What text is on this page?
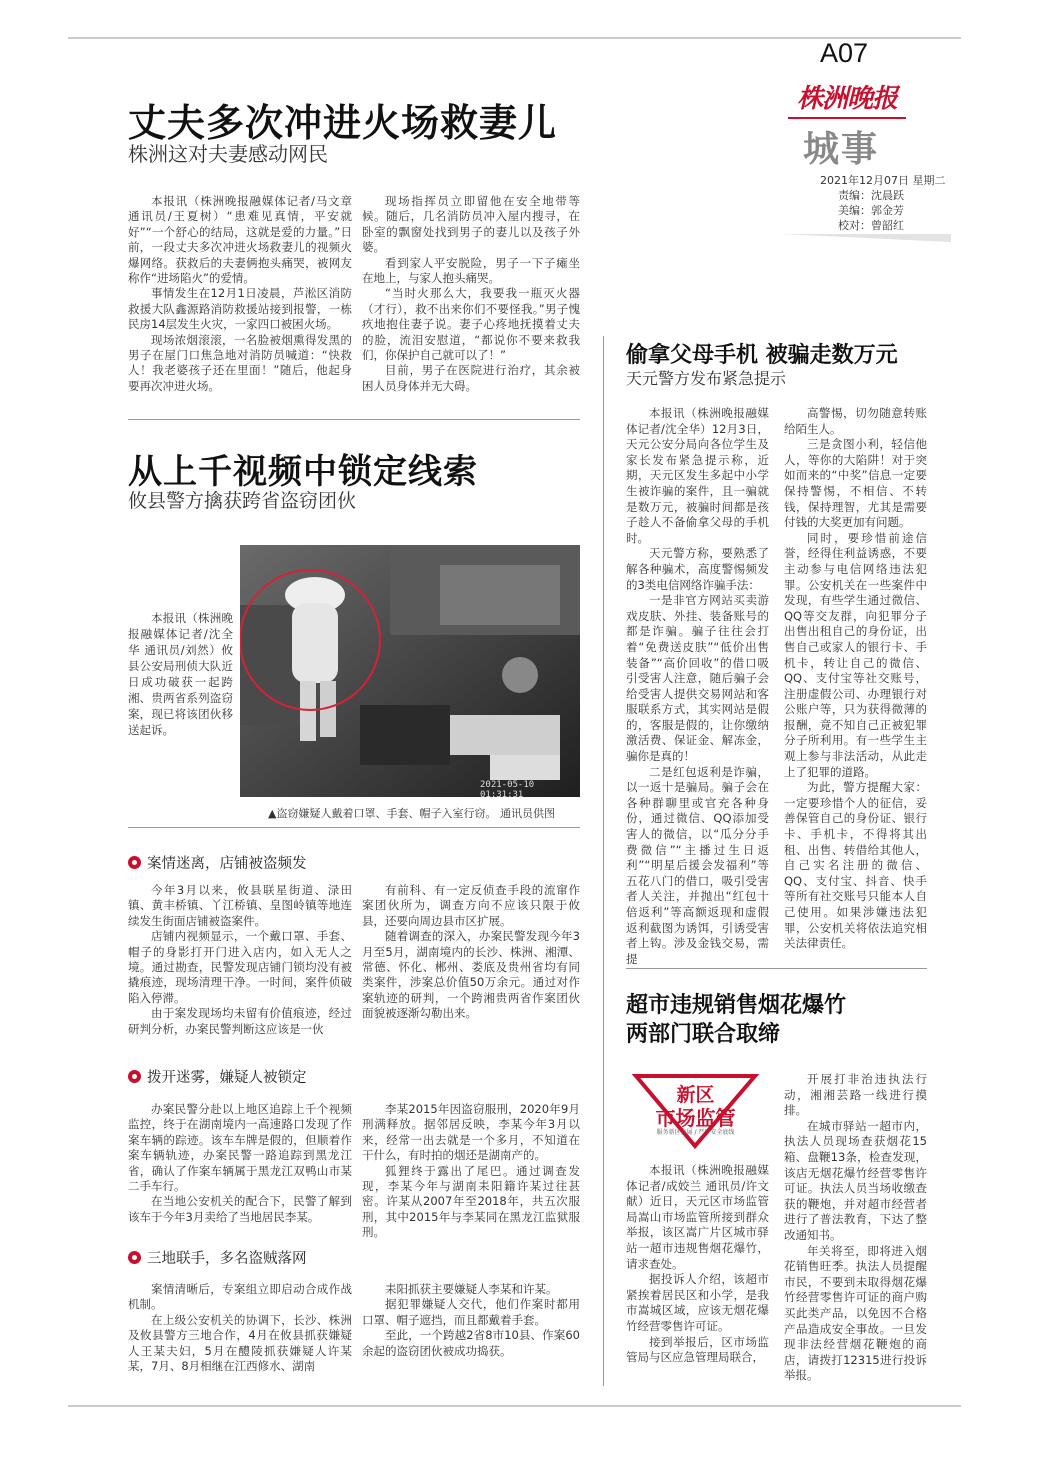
A07
株洲晚报
城事
2021年12月07日 星期二
责编：沈晨跃
美编：郭金芳
校对：曾韶红
丈夫多次冲进火场救妻儿
株洲这对夫妻感动网民

本报讯（株洲晚报融媒体记者/马文章 通讯员/王夏树）“患难见真情，平安就好”“一个舒心的结局，这就是爱的力量。”日前，一段丈夫多次冲进火场救妻儿的视频火爆网络。获救后的夫妻俩抱头痛哭，被网友称作“进场陷火”的爱情。

事情发生在12月1日凌晨，芦淞区消防救援大队鑫源路消防救援站接到报警，一栋民房14层发生火灾，一家四口被困火场。

现场浓烟滚滚，一名脸被烟熏得发黑的男子在屋门口焦急地对消防员喊道：“快救人！我老婆孩子还在里面！”随后，他起身要再次冲进火场。

现场指挥员立即留他在安全地带等候。随后，几名消防员冲入屋内搜寻，在卧室的飘窗处找到男子的妻儿以及孩子外婆。

看到家人平安脱险，男子一下子瘫坐在地上，与家人抱头痛哭。

“当时火那么大，我要我一瓶灭火器（才行），救不出来你们不要怪我。”男子愧疚地抱住妻子说。妻子心疼地抚摸着丈夫的脸，流泪安慰道，“都说你不要来救我们，你保护自己就可以了！”

目前，男子在医院进行治疗，其余被困人员身体并无大碍。

从上千视频中锁定线索
攸县警方擒获跨省盗窃团伙

本报讯（株洲晚报融媒体记者/沈全华 通讯员/刘然）攸县公安局刑侦大队近日成功破获一起跨湘、贵两省系列盗窃案，现已将该团伙移送起诉。

2021-05-10 01:31:31
▲盗窃嫌疑人戴着口罩、手套、帽子入室行窃。 通讯员供图
案情迷离，店铺被盗频发

今年3月以来，攸县联星街道、渌田镇、黄丰桥镇、丫江桥镇、皇图岭镇等地连续发生街面店铺被盗案件。

店铺内视频显示，一个戴口罩、手套、帽子的身影打开门进入店内，如入无人之境。通过勘查，民警发现店铺门锁均没有被撬痕迹，现场清理干净。一时间，案件侦破陷入停滞。

由于案发现场均未留有价值痕迹，经过研判分析，办案民警判断这应该是一伙

有前科、有一定反侦查手段的流窜作案团伙所为，调查方向不应该只限于攸县，还要向周边县市区扩展。

随着调查的深入，办案民警发现今年3月至5月，湖南境内的长沙、株洲、湘潭、常德、怀化、郴州、娄底及贵州省均有同类案件，涉案总价值50万余元。通过对作案轨迹的研判，一个跨湘贵两省作案团伙面貌被逐渐勾勒出来。

拨开迷雾，嫌疑人被锁定

办案民警分赴以上地区追踪上千个视频监控，终于在湖南境内一高速路口发现了作案车辆的踪迹。该车车牌是假的，但顺着作案车辆轨迹，办案民警一路追踪到黑龙江省，确认了作案车辆属于黑龙江双鸭山市某二手车行。

在当地公安机关的配合下，民警了解到该车于今年3月卖给了当地居民李某。

李某2015年因盗窃服刑，2020年9月刑满释放。据邻居反映，李某今年3月以来，经常一出去就是一个多月，不知道在干什么，有时拍的烟还是湖南产的。

狐狸终于露出了尾巴。通过调查发现，李某今年与湖南耒阳籍许某过往甚密。许某从2007年至2018年，共五次服刑，其中2015年与李某同在黑龙江监狱服刑。

三地联手，多名盗贼落网

案情清晰后，专案组立即启动合成作战机制。

在上级公安机关的协调下，长沙、株洲及攸县警方三地合作，4月在攸县抓获嫌疑人王某夫妇，5月在醴陵抓获嫌疑人许某某，7月、8月相继在江西修水、湖南

耒阳抓获主要嫌疑人李某和许某。

据犯罪嫌疑人交代，他们作案时都用口罩、帽子遮挡，而且都戴着手套。

至此，一个跨越2省8市10县、作案60余起的盗窃团伙被成功捣获。

偷拿父母手机 被骗走数万元
天元警方发布紧急提示

本报讯（株洲晚报融媒体记者/沈全华）12月3日，天元公安分局向各位学生及家长发布紧急提示称，近期，天元区发生多起中小学生被诈骗的案件，且一骗就是数万元，被骗时间都是孩子趁人不备偷拿父母的手机时。

天元警方称，要熟悉了解各种骗术，高度警惕频发的3类电信网络诈骗手法：

一是非官方网站买卖游戏皮肤、外挂、装备账号的都是诈骗。骗子往往会打着“免费送皮肤”“低价出售装备”“高价回收”的借口吸引受害人注意，随后骗子会给受害人提供交易网站和客服联系方式，其实网站是假的，客服是假的，让你缴纳激活费、保证金、解冻金，骗你是真的！

二是红包返利是诈骗，以一返十是骗局。骗子会在各种群聊里或官充各种身份，通过微信、QQ添加受害人的微信，以“瓜分分手费微信”“主播过生日返利”“明星后援会发福利”等五花八门的借口，吸引受害者人关注，并抛出“红包十倍返利”等高额返现和虚假返利截图为诱饵，引诱受害者上钩。涉及金钱交易，需提

高警惕，切勿随意转账给陌生人。

三是贪图小利，轻信他人，等你的大陷阱！对于突如而来的“中奖”信息一定要保持警惕，不相信、不转钱，保持理智，尤其是需要付钱的大奖更加有问题。

同时，要珍惜前途信誉，经得住利益诱惑，不要主动参与电信网络违法犯罪。公安机关在一些案件中发现，有些学生通过微信、QQ等交友群，向犯罪分子出售出租自己的身份证，出售自己或家人的银行卡、手机卡，转让自己的微信、QQ、支付宝等社交账号，注册虚假公司、办理银行对公账户等，只为获得微薄的报酬，竟不知自己正被犯罪分子所利用。有一些学生主观上参与非法活动，从此走上了犯罪的道路。

为此，警方提醒大家：一定要珍惜个人的征信，妥善保管自己的身份证、银行卡、手机卡，不得将其出租、出售、转借给其他人，自己实名注册的微信、QQ、支付宝、抖音、快手等所有社交账号只能本人自己使用。如果涉嫌违法犯罪，公安机关将依法追究相关法律责任。

超市违规销售烟花爆竹
两部门联合取缔
新区
市场监管
服务新区发展 / 严守安全底线

本报讯（株洲晚报融媒体记者/成姣兰 通讯员/许文献）近日，天元区市场监管局嵩山市场监管所接到群众举报，该区嵩广片区城市驿站一超市违规售烟花爆竹，请求查处。

据投诉人介绍，该超市紧挨着居民区和小学，是我市嵩城区域，应该无烟花爆竹经营零售许可证。

接到举报后，区市场监管局与区应急管理局联合，

开展打非治违执法行动，湘湘芸路一线进行摸排。

在城市驿站一超市内，执法人员现场查获烟花15箱、盘鞭13条，检查发现，该店无烟花爆竹经营零售许可证。执法人员当场收缴查获的鞭炮，并对超市经营者进行了普法教育，下达了整改通知书。

年关将至，即将进入烟花销售旺季。执法人员提醒市民，不要到未取得烟花爆竹经营零售许可证的商户购买此类产品，以免因不合格产品造成安全事故。一旦发现非法经营烟花鞭炮的商店，请拨打12315进行投诉举报。
